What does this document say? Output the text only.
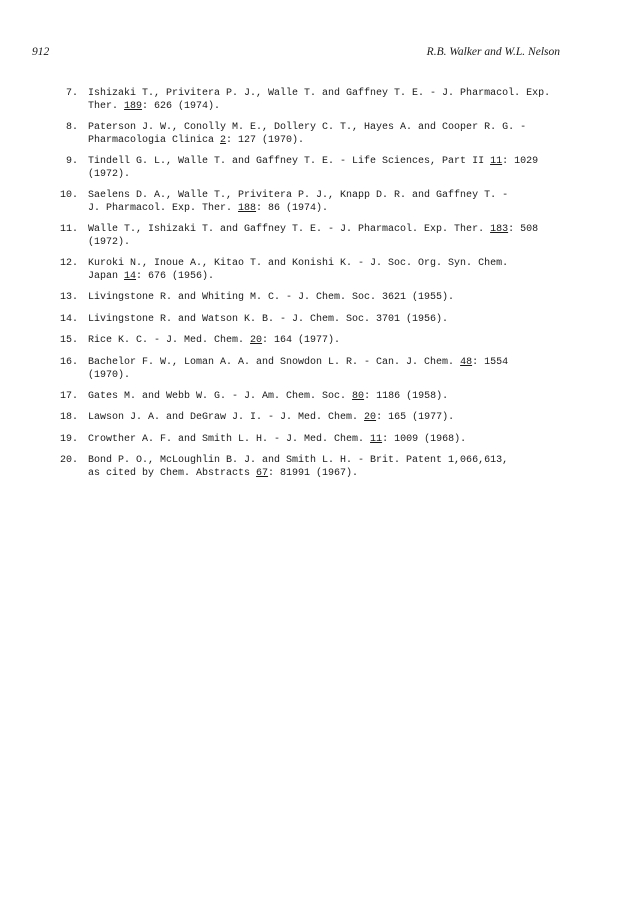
912	R.B. Walker and W.L. Nelson
7. Ishizaki T., Privitera P. J., Walle T. and Gaffney T. E. - J. Pharmacol. Exp.
Ther. 189: 626 (1974).
8. Paterson J. W., Conolly M. E., Dollery C. T., Hayes A. and Cooper R. G. -
Pharmacologia Clinica 2: 127 (1970).
9. Tindell G. L., Walle T. and Gaffney T. E. - Life Sciences, Part II 11: 1029
(1972).
10. Saelens D. A., Walle T., Privitera P. J., Knapp D. R. and Gaffney T. -
J. Pharmacol. Exp. Ther. 188: 86 (1974).
11. Walle T., Ishizaki T. and Gaffney T. E. - J. Pharmacol. Exp. Ther. 183: 508
(1972).
12. Kuroki N., Inoue A., Kitao T. and Konishi K. - J. Soc. Org. Syn. Chem.
Japan 14: 676 (1956).
13. Livingstone R. and Whiting M. C. - J. Chem. Soc. 3621 (1955).
14. Livingstone R. and Watson K. B. - J. Chem. Soc. 3701 (1956).
15. Rice K. C. - J. Med. Chem. 20: 164 (1977).
16. Bachelor F. W., Loman A. A. and Snowdon L. R. - Can. J. Chem. 48: 1554
(1970).
17. Gates M. and Webb W. G. - J. Am. Chem. Soc. 80: 1186 (1958).
18. Lawson J. A. and DeGraw J. I. - J. Med. Chem. 20: 165 (1977).
19. Crowther A. F. and Smith L. H. - J. Med. Chem. 11: 1009 (1968).
20. Bond P. O., McLoughlin B. J. and Smith L. H. - Brit. Patent 1,066,613,
as cited by Chem. Abstracts 67: 81991 (1967).
